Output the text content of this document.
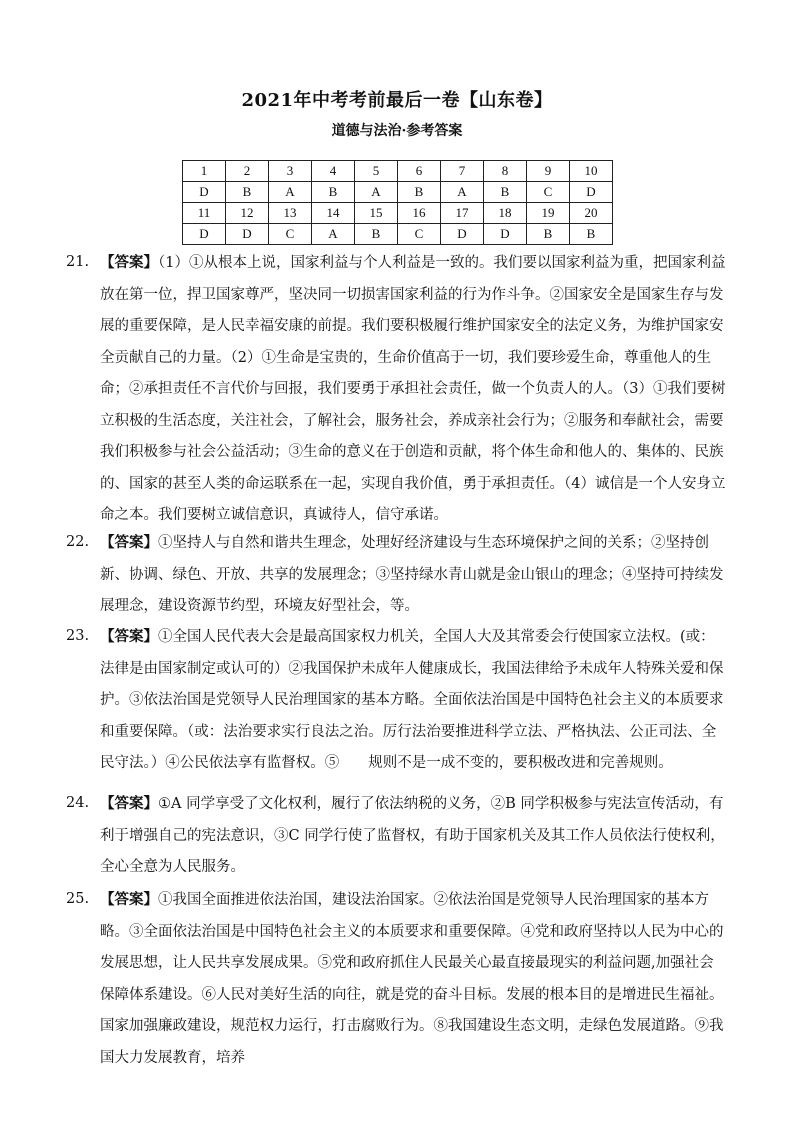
2021年中考考前最后一卷【山东卷】
道德与法治·参考答案
1	2	3	4	5	6	7	8	9	10
D	B	A	B	A	B	A	B	C	D
11	12	13	14	15	16	17	18	19	20
D	D	C	A	B	C	D	D	B	B
21. 【答案】（1）①从根本上说，国家利益与个人利益是一致的。我们要以国家利益为重，把国家利益放在第一位，捍卫国家尊严，坚决同一切损害国家利益的行为作斗争。②国家安全是国家生存与发展的重要保障，是人民幸福安康的前提。我们要积极履行维护国家安全的法定义务，为维护国家安全贡献自己的力量。（2）①生命是宝贵的，生命价值高于一切，我们要珍爱生命，尊重他人的生命；②承担责任不言代价与回报，我们要勇于承担社会责任，做一个负责人的人。（3）①我们要树立积极的生活态度，关注社会，了解社会，服务社会，养成亲社会行为；②服务和奉献社会，需要我们积极参与社会公益活动；③生命的意义在于创造和贡献，将个体生命和他人的、集体的、民族的、国家的甚至人类的命运联系在一起，实现自我价值，勇于承担责任。（4）诚信是一个人安身立命之本。我们要树立诚信意识，真诚待人，信守承诺。
22. 【答案】①坚持人与自然和谐共生理念，处理好经济建设与生态环境保护之间的关系；②坚持创新、协调、绿色、开放、共享的发展理念；③坚持绿水青山就是金山银山的理念；④坚持可持续发展理念，建设资源节约型，环境友好型社会，等。
23. 【答案】①全国人民代表大会是最高国家权力机关，全国人大及其常委会行使国家立法权。(或：法律是由国家制定或认可的）②我国保护未成年人健康成长，我国法律给予未成年人特殊关爱和保护。③依法治国是党领导人民治理国家的基本方略。全面依法治国是中国特色社会主义的本质要求和重要保障。（或：法治要求实行良法之治。厉行法治要推进科学立法、严格执法、公正司法、全民守法。）④公民依法享有监督权。⑤　　规则不是一成不变的，要积极改进和完善规则。
24. 【答案】①A 同学享受了文化权利，履行了依法纳税的义务，②B 同学积极参与宪法宣传活动，有利于增强自己的宪法意识，③C 同学行使了监督权，有助于国家机关及其工作人员依法行使权利，全心全意为人民服务。
25. 【答案】①我国全面推进依法治国，建设法治国家。②依法治国是党领导人民治理国家的基本方略。③全面依法治国是中国特色社会主义的本质要求和重要保障。④党和政府坚持以人民为中心的发展思想，让人民共享发展成果。⑤党和政府抓住人民最关心最直接最现实的利益问题,加强社会保障体系建设。⑥人民对美好生活的向往，就是党的奋斗目标。发展的根本目的是增进民生福祉。国家加强廉政建设，规范权力运行，打击腐败行为。⑧我国建设生态文明，走绿色发展道路。⑨我国大力发展教育，培养
